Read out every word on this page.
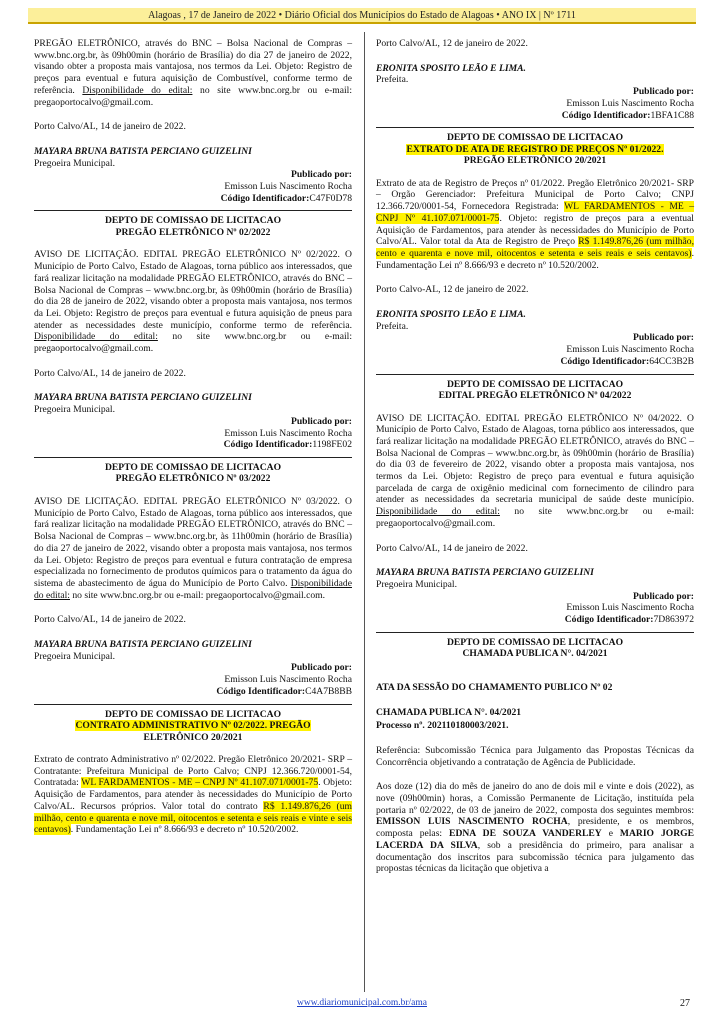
Alagoas , 17 de Janeiro de 2022 • Diário Oficial dos Municípios do Estado de Alagoas • ANO IX | Nº 1711

PREGÃO ELETRÔNICO, através do BNC – Bolsa Nacional de Compras – www.bnc.org.br, às 09h00min (horário de Brasília) do dia 27 de janeiro de 2022, visando obter a proposta mais vantajosa, nos termos da Lei. Objeto: Registro de preços para eventual e futura aquisição de Combustível, conforme termo de referência. Disponibilidade do edital: no site www.bnc.org.br ou e-mail: pregaoportocalvo@gmail.com.

Porto Calvo/AL, 14 de janeiro de 2022.

MAYARA BRUNA BATISTA PERCIANO GUIZELINI
Pregoeira Municipal.
Publicado por:
Emisson Luis Nascimento Rocha
Código Identificador:C47F0D78
DEPTO DE COMISSAO DE LICITACAO
PREGÃO ELETRÔNICO Nº 02/2022

AVISO DE LICITAÇÃO. EDITAL PREGÃO ELETRÔNICO Nº 02/2022. O Município de Porto Calvo, Estado de Alagoas, torna público aos interessados, que fará realizar licitação na modalidade PREGÃO ELETRÔNICO, através do BNC – Bolsa Nacional de Compras – www.bnc.org.br, às 09h00min (horário de Brasília) do dia 28 de janeiro de 2022, visando obter a proposta mais vantajosa, nos termos da Lei. Objeto: Registro de preços para eventual e futura aquisição de pneus para atender as necessidades deste município, conforme termo de referência. Disponibilidade do edital: no site www.bnc.org.br ou e-mail: pregaoportocalvo@gmail.com.

Porto Calvo/AL, 14 de janeiro de 2022.

MAYARA BRUNA BATISTA PERCIANO GUIZELINI
Pregoeira Municipal.
Publicado por:
Emisson Luis Nascimento Rocha
Código Identificador:1198FE02
DEPTO DE COMISSAO DE LICITACAO
PREGÃO ELETRÔNICO Nº 03/2022

AVISO DE LICITAÇÃO. EDITAL PREGÃO ELETRÔNICO Nº 03/2022. O Município de Porto Calvo, Estado de Alagoas, torna público aos interessados, que fará realizar licitação na modalidade PREGÃO ELETRÔNICO, através do BNC – Bolsa Nacional de Compras – www.bnc.org.br, às 11h00min (horário de Brasília) do dia 27 de janeiro de 2022, visando obter a proposta mais vantajosa, nos termos da Lei. Objeto: Registro de preços para eventual e futura contratação de empresa especializada no fornecimento de produtos químicos para o tratamento da água do sistema de abastecimento de água do Município de Porto Calvo. Disponibilidade do edital: no site www.bnc.org.br ou e-mail: pregaoportocalvo@gmail.com.

Porto Calvo/AL, 14 de janeiro de 2022.

MAYARA BRUNA BATISTA PERCIANO GUIZELINI
Pregoeira Municipal.
Publicado por:
Emisson Luis Nascimento Rocha
Código Identificador:C4A7B8BB
DEPTO DE COMISSAO DE LICITACAO
CONTRATO ADMINISTRATIVO Nº 02/2022. PREGÃO
ELETRÔNICO 20/2021

Extrato de contrato Administrativo nº 02/2022. Pregão Eletrônico 20/2021- SRP – Contratante: Prefeitura Municipal de Porto Calvo; CNPJ 12.366.720/0001-54, Contratada: WL FARDAMENTOS - ME – CNPJ Nº 41.107.071/0001-75. Objeto: Aquisição de Fardamentos, para atender às necessidades do Município de Porto Calvo/AL. Recursos próprios. Valor total do contrato R$ 1.149.876,26 (um milhão, cento e quarenta e nove mil, oitocentos e setenta e seis reais e vinte e seis centavos). Fundamentação Lei nº 8.666/93 e decreto nº 10.520/2002.

Porto Calvo/AL, 12 de janeiro de 2022.

ERONITA SPOSITO LEÃO E LIMA.
Prefeita.
Publicado por:
Emisson Luis Nascimento Rocha
Código Identificador:1BFA1C88
DEPTO DE COMISSAO DE LICITACAO
EXTRATO DE ATA DE REGISTRO DE PREÇOS Nº 01/2022.
PREGÃO ELETRÔNICO 20/2021

Extrato de ata de Registro de Preços nº 01/2022. Pregão Eletrônico 20/2021- SRP – Orgão Gerenciador: Prefeitura Municipal de Porto Calvo; CNPJ 12.366.720/0001-54, Fornecedora Registrada: WL FARDAMENTOS - ME – CNPJ Nº 41.107.071/0001-75. Objeto: registro de preços para a eventual Aquisição de Fardamentos, para atender às necessidades do Município de Porto Calvo/AL. Valor total da Ata de Registro de Preço R$ 1.149.876,26 (um milhão, cento e quarenta e nove mil, oitocentos e setenta e seis reais e seis centavos). Fundamentação Lei nº 8.666/93 e decreto nº 10.520/2002.

Porto Calvo-AL, 12 de janeiro de 2022.

ERONITA SPOSITO LEÃO E LIMA.
Prefeita.
Publicado por:
Emisson Luis Nascimento Rocha
Código Identificador:64CC3B2B
DEPTO DE COMISSAO DE LICITACAO
EDITAL PREGÃO ELETRÔNICO Nº 04/2022

AVISO DE LICITAÇÃO. EDITAL PREGÃO ELETRÔNICO Nº 04/2022. O Município de Porto Calvo, Estado de Alagoas, torna público aos interessados, que fará realizar licitação na modalidade PREGÃO ELETRÔNICO, através do BNC – Bolsa Nacional de Compras – www.bnc.org.br, às 09h00min (horário de Brasília) do dia 03 de fevereiro de 2022, visando obter a proposta mais vantajosa, nos termos da Lei. Objeto: Registro de preço para eventual e futura aquisição parcelada de carga de oxigênio medicinal com fornecimento de cilindro para atender as necessidades da secretaria municipal de saúde deste município. Disponibilidade do edital: no site www.bnc.org.br ou e-mail: pregaoportocalvo@gmail.com.

Porto Calvo/AL, 14 de janeiro de 2022.

MAYARA BRUNA BATISTA PERCIANO GUIZELINI
Pregoeira Municipal.
Publicado por:
Emisson Luis Nascimento Rocha
Código Identificador:7D863972
DEPTO DE COMISSAO DE LICITACAO
CHAMADA PUBLICA N°. 04/2021

ATA DA SESSÃO DO CHAMAMENTO PUBLICO Nº 02

CHAMADA PUBLICA N°. 04/2021

Processo nº. 202110180003/2021.

Referência: Subcomissão Técnica para Julgamento das Propostas Técnicas da Concorrência objetivando a contratação de Agência de Publicidade.

Aos doze (12) dia do mês de janeiro do ano de dois mil e vinte e dois (2022), as nove (09h00min) horas, a Comissão Permanente de Licitação, instituída pela portaria nº 02/2022, de 03 de janeiro de 2022, composta dos seguintes membros: EMISSON LUIS NASCIMENTO ROCHA, presidente, e os membros, composta pelas: EDNA DE SOUZA VANDERLEY e MARIO JORGE LACERDA DA SILVA, sob a presidência do primeiro, para analisar a documentação dos inscritos para subcomissão técnica para julgamento das propostas técnicas da licitação que objetiva a

www.diariomunicipal.com.br/ama	27
